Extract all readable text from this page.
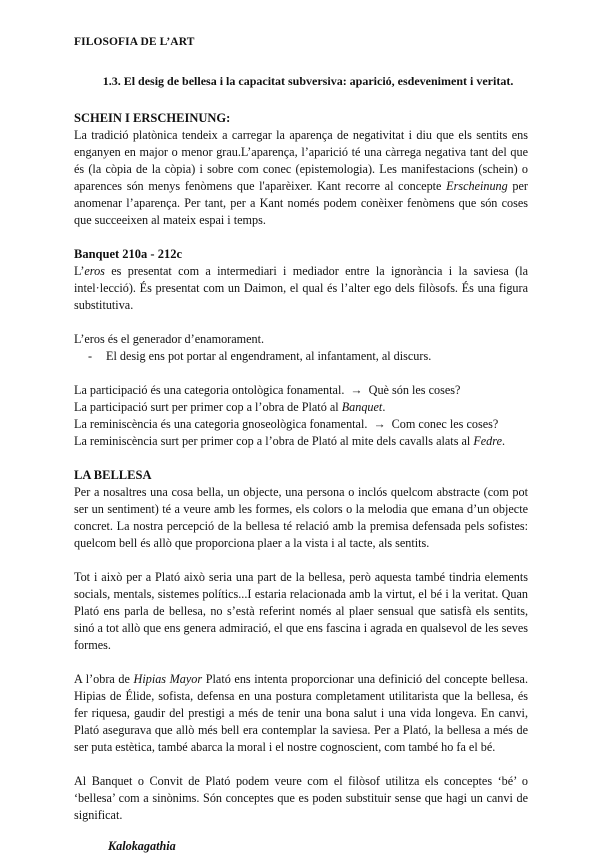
FILOSOFIA DE L’ART
1.3. El desig de bellesa i la capacitat subversiva: aparició, esdeveniment i veritat.
SCHEIN I ERSCHEINUNG:

La tradició platònica tendeix a carregar la aparença de negativitat i diu que els sentits ens enganyen en major o menor grau.L’aparença, l’aparició té una càrrega negativa tant del que és (la còpia de la còpia) i sobre com conec (epistemologia). Les manifestacions (schein) o aparences són menys fenòmens que l'aparèixer. Kant recorre al concepte Erscheinung per anomenar l’aparença. Per tant, per a Kant només podem conèixer fenòmens que són coses que succeeixen al mateix espai i temps.

Banquet 210a - 212c

L’eros es presentat com a intermediari i mediador entre la ignorància i la saviesa (la intel·lecció). És presentat com un Daimon, el qual és l’alter ego dels filòsofs. És una figura substitutiva.

L’eros és el generador d’enamorament.

- El desig ens pot portar al engendrament, al infantament, al discurs.
La participació és una categoria ontològica fonamental. → Què són les coses?
La participació surt per primer cop a l’obra de Plató al Banquet.
La reminiscència és una categoria gnoseològica fonamental. → Com conec les coses?
La reminiscència surt per primer cop a l’obra de Plató al mite dels cavalls alats al Fedre.
LA BELLESA

Per a nosaltres una cosa bella, un objecte, una persona o inclós quelcom abstracte (com pot ser un sentiment) té a veure amb les formes, els colors o la melodia que emana d’un objecte concret. La nostra percepció de la bellesa té relació amb la premisa defensada pels sofistes: quelcom bell és allò que proporciona plaer a la vista i al tacte, als sentits.

Tot i això per a Plató això seria una part de la bellesa, però aquesta també tindria elements socials, mentals, sistemes polítics...I estaria relacionada amb la virtut, el bé i la veritat. Quan Plató ens parla de bellesa, no s’està referint només al plaer sensual que satisfà els sentits, sinó a tot allò que ens genera admiració, el que ens fascina i agrada en qualsevol de les seves formes.

A l’obra de Hipias Mayor Plató ens intenta proporcionar una definició del concepte bellesa. Hipias de Élide, sofista, defensa en una postura completament utilitarista que la bellesa, és fer riquesa, gaudir del prestigi a més de tenir una bona salut i una vida longeva. En canvi, Plató asegurava que allò més bell era contemplar la saviesa. Per a Plató, la bellesa a més de ser puta estètica, també abarca la moral i el nostre cognoscient, com també ho fa el bé.

Al Banquet o Convit de Plató podem veure com el filòsof utilitza els conceptes ‘bé’ o ‘bellesa’ com a sinònims. Són conceptes que es poden substituir sense que hagi un canvi de significat.

Kalokagathia
